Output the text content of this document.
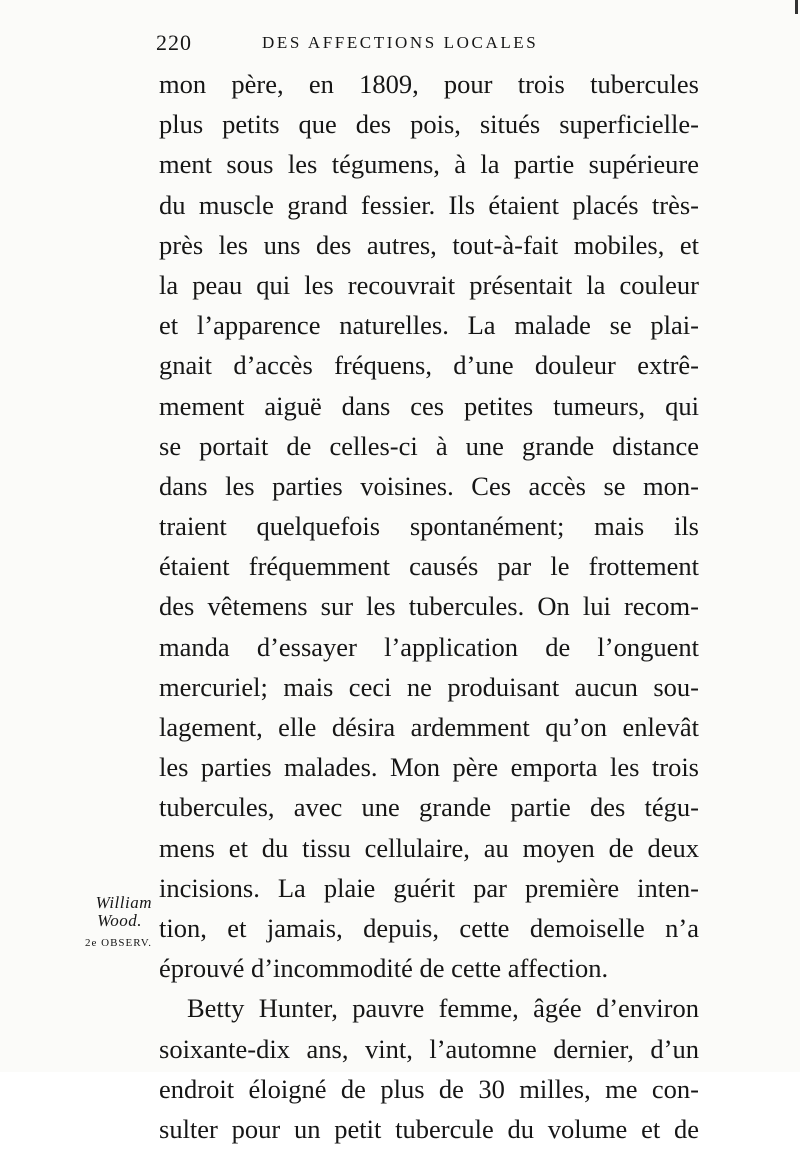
220	DES AFFECTIONS LOCALES
mon père, en 1809, pour trois tubercules
plus petits que des pois, situés superficielle-
ment sous les tégumens, à la partie supérieure
du muscle grand fessier. Ils étaient placés très-
près les uns des autres, tout-à-fait mobiles, et
la peau qui les recouvrait présentait la couleur
et l’apparence naturelles. La malade se plai-
gnait d’accès fréquens, d’une douleur extrê-
mement aiguë dans ces petites tumeurs, qui
se portait de celles-ci à une grande distance
dans les parties voisines. Ces accès se mon-
traient quelquefois spontanément; mais ils
étaient fréquemment causés par le frottement
des vêtemens sur les tubercules. On lui recom-
manda d’essayer l’application de l’onguent
mercuriel; mais ceci ne produisant aucun sou-
lagement, elle désira ardemment qu’on enlevât
les parties malades. Mon père emporta les trois
tubercules, avec une grande partie des tégu-
mens et du tissu cellulaire, au moyen de deux
incisions. La plaie guérit par première inten-
tion, et jamais, depuis, cette demoiselle n’a
éprouvé d’incommodité de cette affection.
Betty Hunter, pauvre femme, âgée d’environ
soixante-dix ans, vint, l’automne dernier, d’un
endroit éloigné de plus de 30 milles, me con-
sulter pour un petit tubercule du volume et de
William
Wood.
2e OBSERV.
